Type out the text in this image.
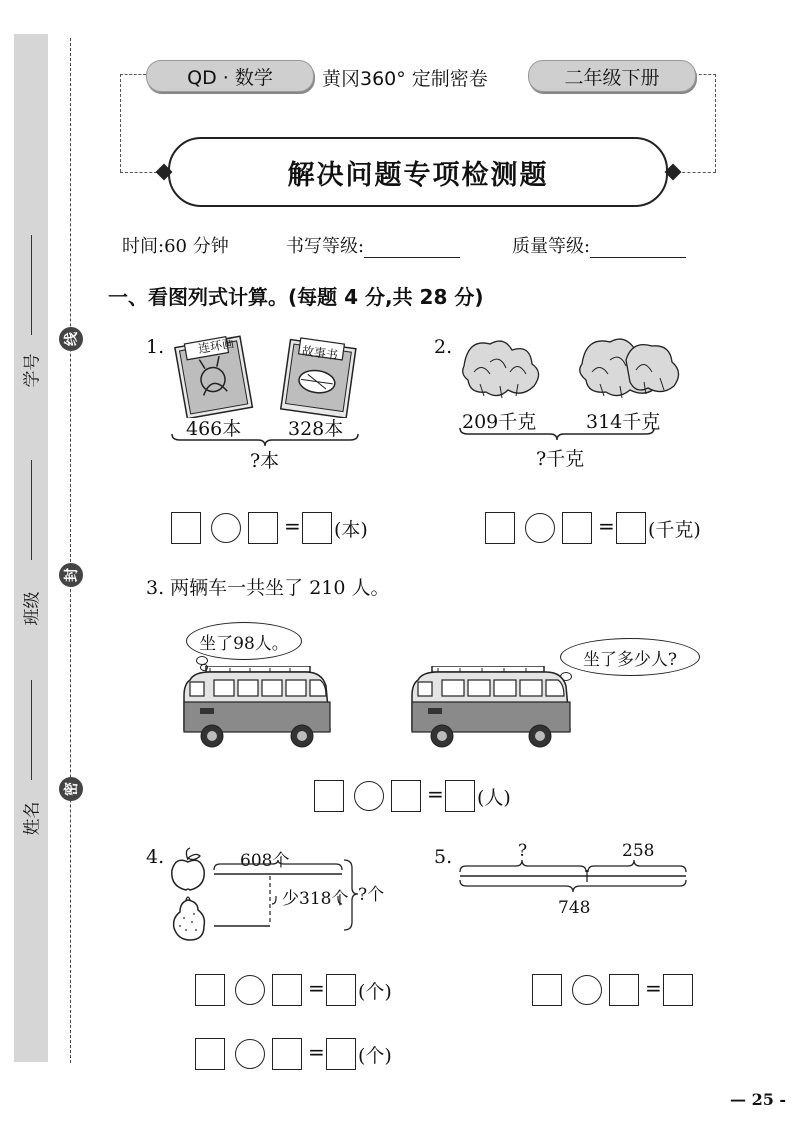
学号
班级
姓名
线
封
密
QD · 数学	黄冈360° 定制密卷	二年级下册
解决问题专项检测题
时间:60 分钟	书写等级:	质量等级:
一、看图列式计算。(每题 4 分,共 28 分)
1.	连环画	故事书
466本 328本
?本
= (本)
2.
209千克	314千克
?千克
= (千克)
3. 两辆车一共坐了 210 人。
坐了98人。
坐了多少人?
= (人)
4.	608个
少318个 ?个
= (个)
= (个)
5.	?	258
748
=
— 25 -
